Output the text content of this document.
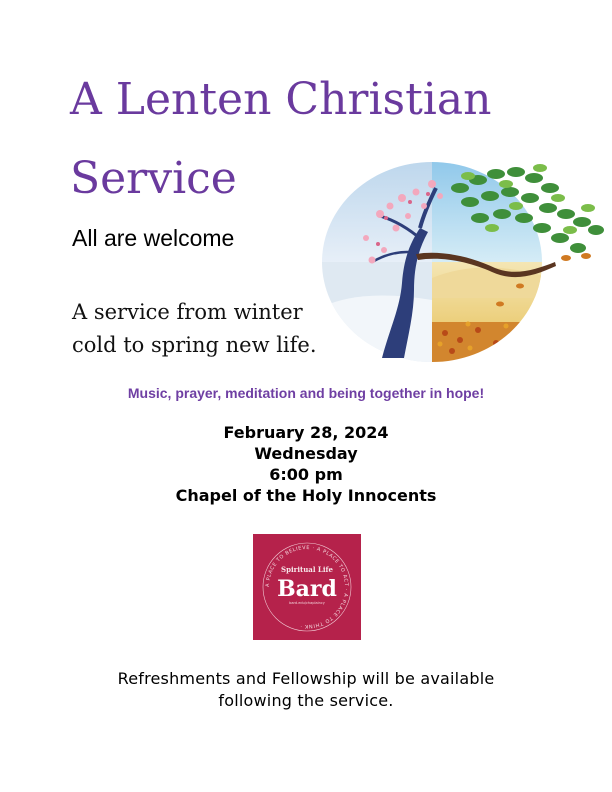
A Lenten Christian
Service
All are welcome
A service from winter
cold to spring new life.
Music, prayer, meditation and being together in hope!
February 28, 2024
Wednesday
6:00 pm
Chapel of the Holy Innocents
A PLACE TO BELIEVE · A PLACE TO ACT · A PLACE TO THINK ·
Spiritual Life
Bard
bard.edu/chaplaincy
Refreshments and Fellowship will be available
following the service.
